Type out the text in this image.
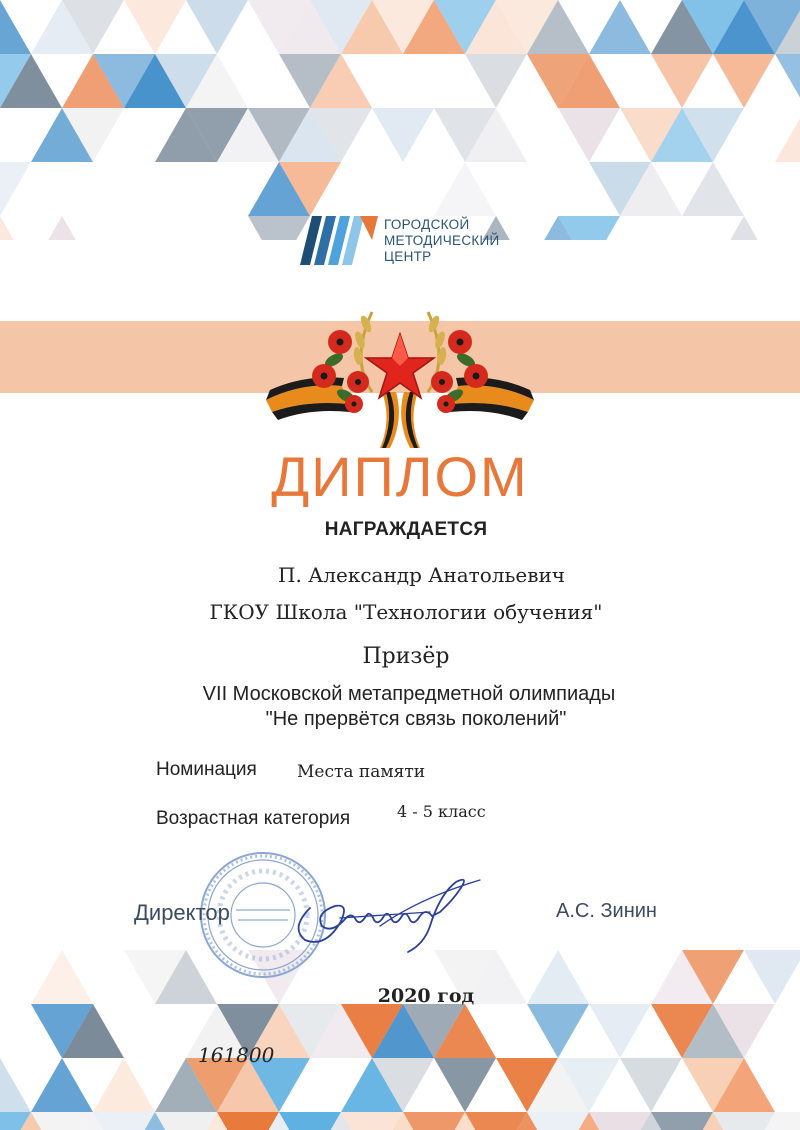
ГОРОДСКОЙ
МЕТОДИЧЕСКИЙ
ЦЕНТР
ДИПЛОМ
НАГРАЖДАЕТСЯ
П. Александр Анатольевич
ГКОУ Школа "Технологии обучения"
Призёр
VII Московской метапредметной олимпиады
"Не прервётся связь поколений"
Номинация Места памяти
Возрастная категория	4 - 5 класс
Директор	А.С. Зинин
2020 год
161800
